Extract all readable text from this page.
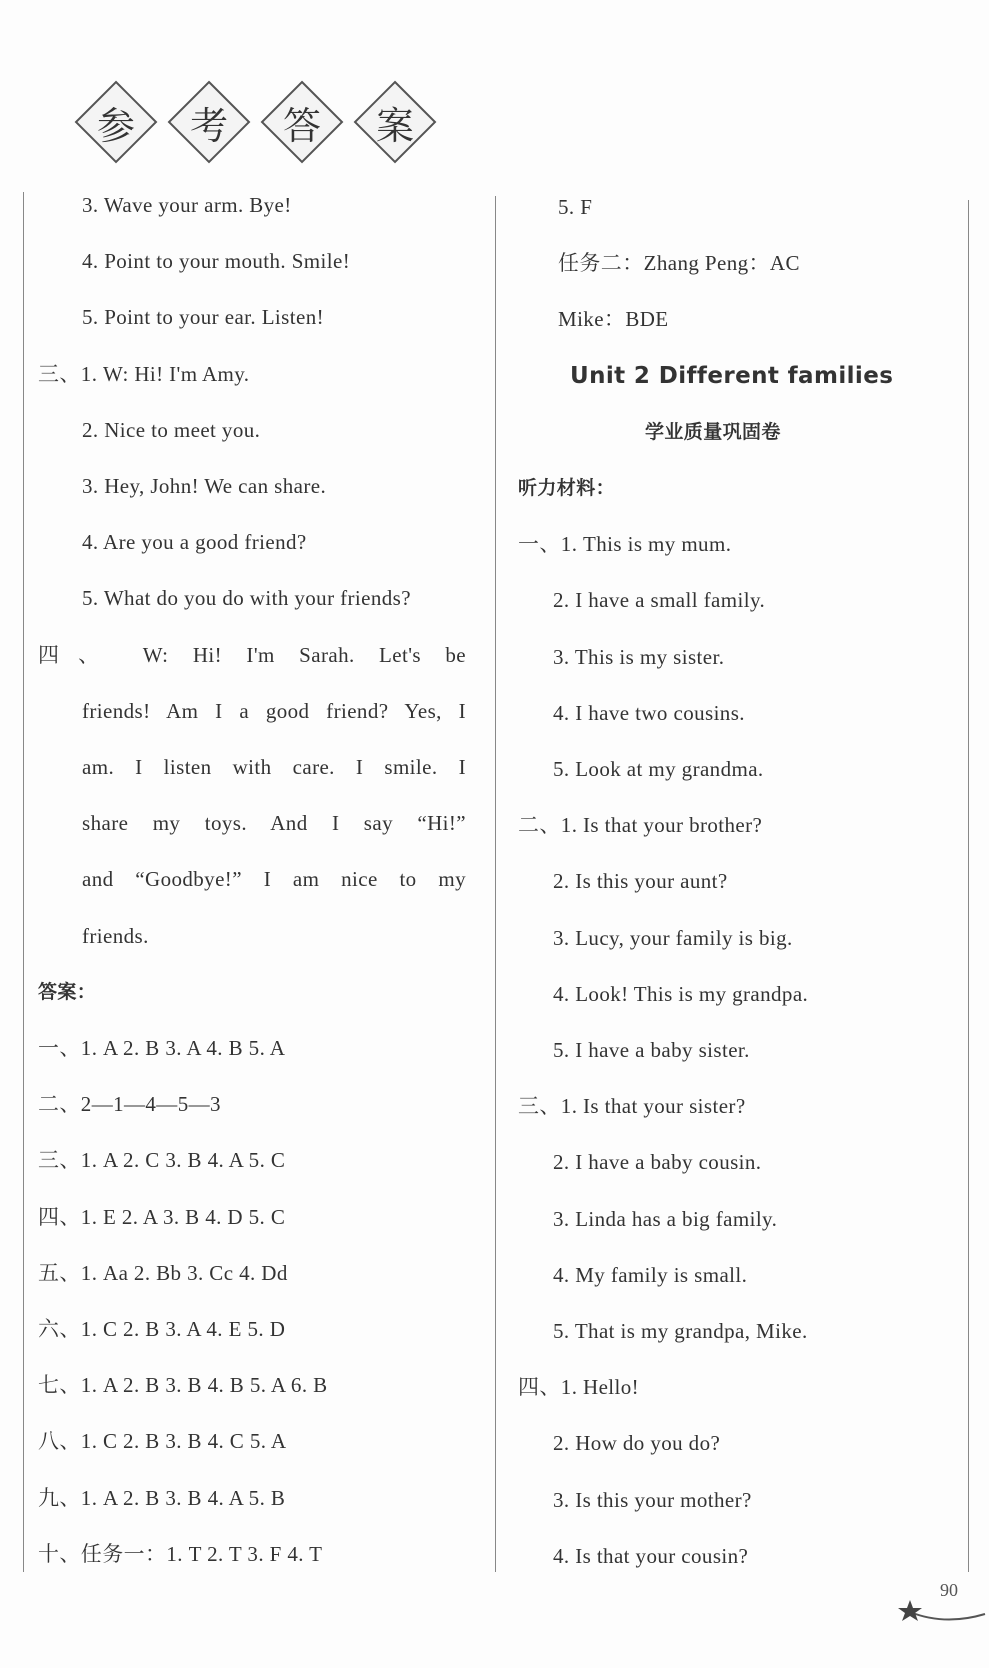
参 考 答 案
3. Wave your arm. Bye!
4. Point to your mouth. Smile!
5. Point to your ear. Listen!
三、1. W: Hi! I'm Amy.
2. Nice to meet you.
3. Hey, John! We can share.
4. Are you a good friend?
5. What do you do with your friends?
四、 W: Hi! I'm Sarah. Let's be
friends! Am I a good friend? Yes, I
am. I listen with care. I smile. I
share my toys. And I say “Hi!”
and “Goodbye!” I am nice to my
friends.
答案：
一、1. A 2. B 3. A 4. B 5. A
二、2—1—4—5—3
三、1. A 2. C 3. B 4. A 5. C
四、1. E 2. A 3. B 4. D 5. C
五、1. Aa 2. Bb 3. Cc 4. Dd
六、1. C 2. B 3. A 4. E 5. D
七、1. A 2. B 3. B 4. B 5. A 6. B
八、1. C 2. B 3. B 4. C 5. A
九、1. A 2. B 3. B 4. A 5. B
十、任务一：1. T 2. T 3. F 4. T
5. F
任务二：Zhang Peng：AC
Mike：BDE
Unit 2 Different families
学业质量巩固卷
听力材料：
一、1. This is my mum.
2. I have a small family.
3. This is my sister.
4. I have two cousins.
5. Look at my grandma.
二、1. Is that your brother?
2. Is this your aunt?
3. Lucy, your family is big.
4. Look! This is my grandpa.
5. I have a baby sister.
三、1. Is that your sister?
2. I have a baby cousin.
3. Linda has a big family.
4. My family is small.
5. That is my grandpa, Mike.
四、1. Hello!
2. How do you do?
3. Is this your mother?
4. Is that your cousin?
90
